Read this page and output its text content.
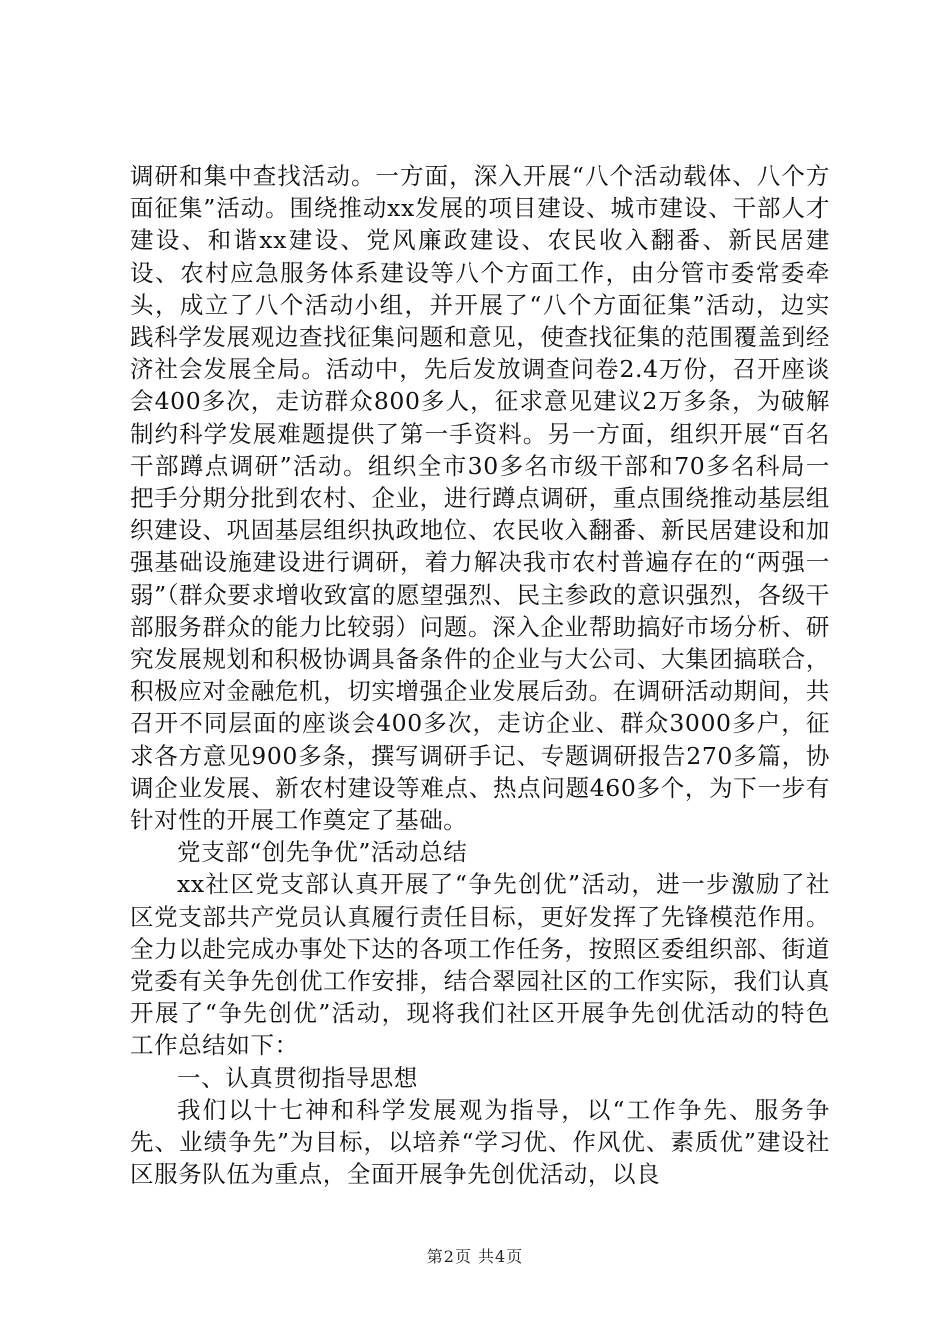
调研和集中查找活动。一方面，深入开展“八个活动载体、八个方面征集”活动。围绕推动xx发展的项目建设、城市建设、干部人才建设、和谐xx建设、党风廉政建设、农民收入翻番、新民居建设、农村应急服务体系建设等八个方面工作，由分管市委常委牵头，成立了八个活动小组，并开展了“八个方面征集”活动，边实践科学发展观边查找征集问题和意见，使查找征集的范围覆盖到经济社会发展全局。活动中，先后发放调查问卷2.4万份，召开座谈会400多次，走访群众800多人，征求意见建议2万多条，为破解制约科学发展难题提供了第一手资料。另一方面，组织开展“百名干部蹲点调研”活动。组织全市30多名市级干部和70多名科局一把手分期分批到农村、企业，进行蹲点调研，重点围绕推动基层组织建设、巩固基层组织执政地位、农民收入翻番、新民居建设和加强基础设施建设进行调研，着力解决我市农村普遍存在的“两强一弱”（群众要求增收致富的愿望强烈、民主参政的意识强烈，各级干部服务群众的能力比较弱）问题。深入企业帮助搞好市场分析、研究发展规划和积极协调具备条件的企业与大公司、大集团搞联合，积极应对金融危机，切实增强企业发展后劲。在调研活动期间，共召开不同层面的座谈会400多次，走访企业、群众3000多户，征求各方意见900多条，撰写调研手记、专题调研报告270多篇，协调企业发展、新农村建设等难点、热点问题460多个，为下一步有针对性的开展工作奠定了基础。

党支部“创先争优”活动总结

xx社区党支部认真开展了“争先创优”活动，进一步激励了社区党支部共产党员认真履行责任目标，更好发挥了先锋模范作用。全力以赴完成办事处下达的各项工作任务，按照区委组织部、街道党委有关争先创优工作安排，结合翠园社区的工作实际，我们认真开展了“争先创优”活动，现将我们社区开展争先创优活动的特色工作总结如下：

一、认真贯彻指导思想

我们以十七神和科学发展观为指导，以“工作争先、服务争先、业绩争先”为目标，以培养“学习优、作风优、素质优”建设社区服务队伍为重点，全面开展争先创优活动，以良

第2页 共4页
